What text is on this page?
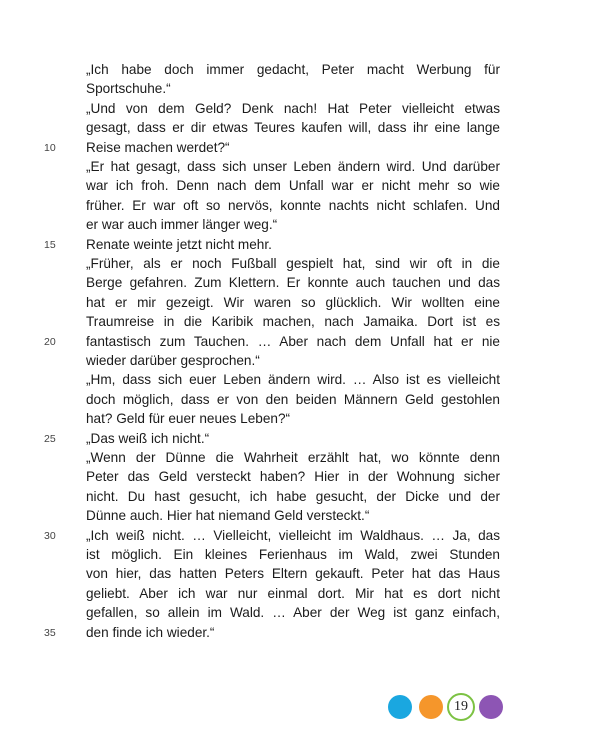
„Ich habe doch immer gedacht, Peter macht Werbung für
Sportschuhe.“
„Und von dem Geld? Denk nach! Hat Peter vielleicht etwas
gesagt, dass er dir etwas Teures kaufen will, dass ihr eine lange
Reise machen werdet?“
„Er hat gesagt, dass sich unser Leben ändern wird. Und darüber
war ich froh. Denn nach dem Unfall war er nicht mehr so wie
früher. Er war oft so nervös, konnte nachts nicht schlafen. Und
er war auch immer länger weg.“
Renate weinte jetzt nicht mehr.
„Früher, als er noch Fußball gespielt hat, sind wir oft in die
Berge gefahren. Zum Klettern. Er konnte auch tauchen und das
hat er mir gezeigt. Wir waren so glücklich. Wir wollten eine
Traumreise in die Karibik machen, nach Jamaika. Dort ist es
fantastisch zum Tauchen. … Aber nach dem Unfall hat er nie
wieder darüber gesprochen.“
„Hm, dass sich euer Leben ändern wird. … Also ist es vielleicht
doch möglich, dass er von den beiden Männern Geld gestohlen
hat? Geld für euer neues Leben?“
„Das weiß ich nicht.“
„Wenn der Dünne die Wahrheit erzählt hat, wo könnte denn
Peter das Geld versteckt haben? Hier in der Wohnung sicher
nicht. Du hast gesucht, ich habe gesucht, der Dicke und der
Dünne auch. Hier hat niemand Geld versteckt.“
„Ich weiß nicht. … Vielleicht, vielleicht im Waldhaus. … Ja, das
ist möglich. Ein kleines Ferienhaus im Wald, zwei Stunden
von hier, das hatten Peters Eltern gekauft. Peter hat das Haus
geliebt. Aber ich war nur einmal dort. Mir hat es dort nicht
gefallen, so allein im Wald. … Aber der Weg ist ganz einfach,
den finde ich wieder.“
10
15
20
25
30
35
19
